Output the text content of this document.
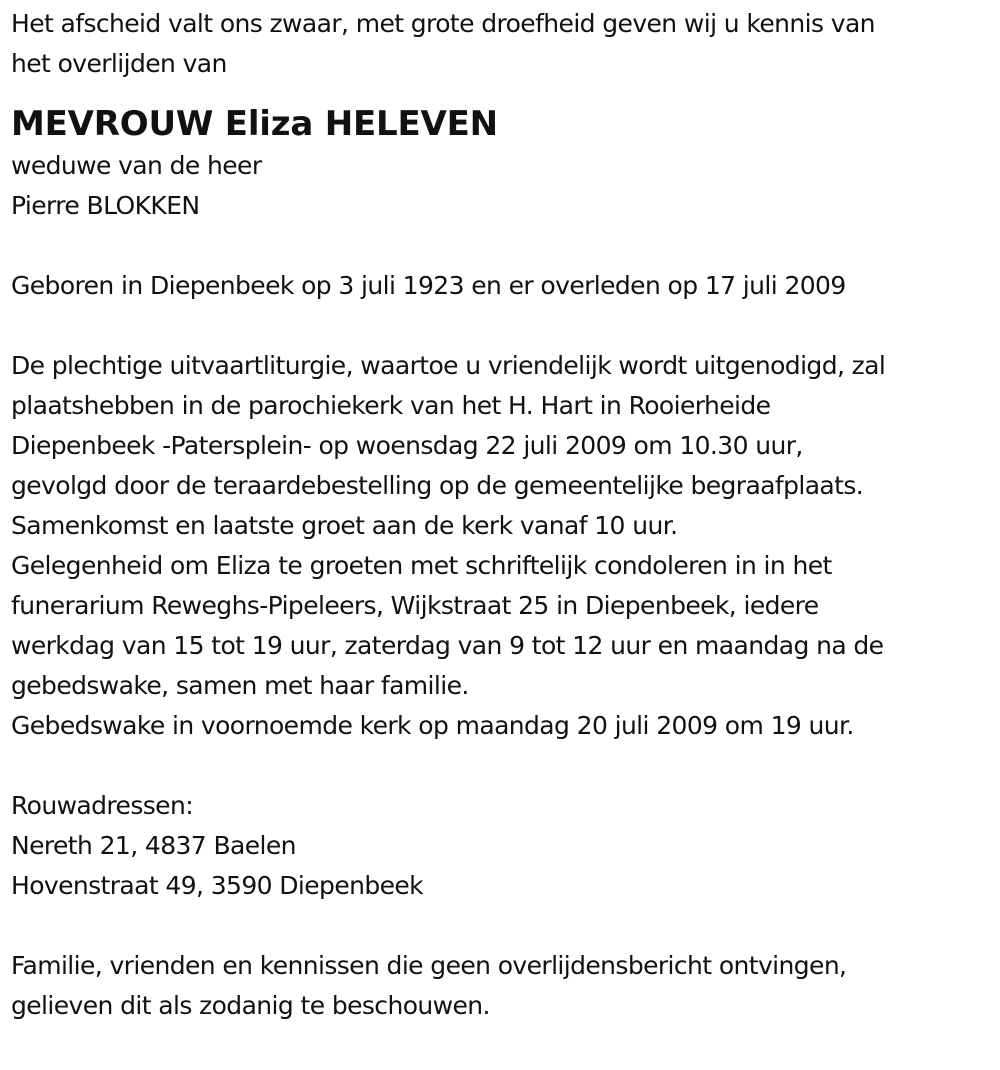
Het afscheid valt ons zwaar, met grote droefheid geven wij u kennis van
het overlijden van
MEVROUW Eliza HELEVEN
weduwe van de heer
Pierre BLOKKEN
Geboren in Diepenbeek op 3 juli 1923 en er overleden op 17 juli 2009
De plechtige uitvaartliturgie, waartoe u vriendelijk wordt uitgenodigd, zal
plaatshebben in de parochiekerk van het H. Hart in Rooierheide
Diepenbeek -Patersplein- op woensdag 22 juli 2009 om 10.30 uur,
gevolgd door de teraardebestelling op de gemeentelijke begraafplaats.
Samenkomst en laatste groet aan de kerk vanaf 10 uur.
Gelegenheid om Eliza te groeten met schriftelijk condoleren in in het
funerarium Reweghs-Pipeleers, Wijkstraat 25 in Diepenbeek, iedere
werkdag van 15 tot 19 uur, zaterdag van 9 tot 12 uur en maandag na de
gebedswake, samen met haar familie.
Gebedswake in voornoemde kerk op maandag 20 juli 2009 om 19 uur.
Rouwadressen:
Nereth 21, 4837 Baelen
Hovenstraat 49, 3590 Diepenbeek
Familie, vrienden en kennissen die geen overlijdensbericht ontvingen,
gelieven dit als zodanig te beschouwen.
